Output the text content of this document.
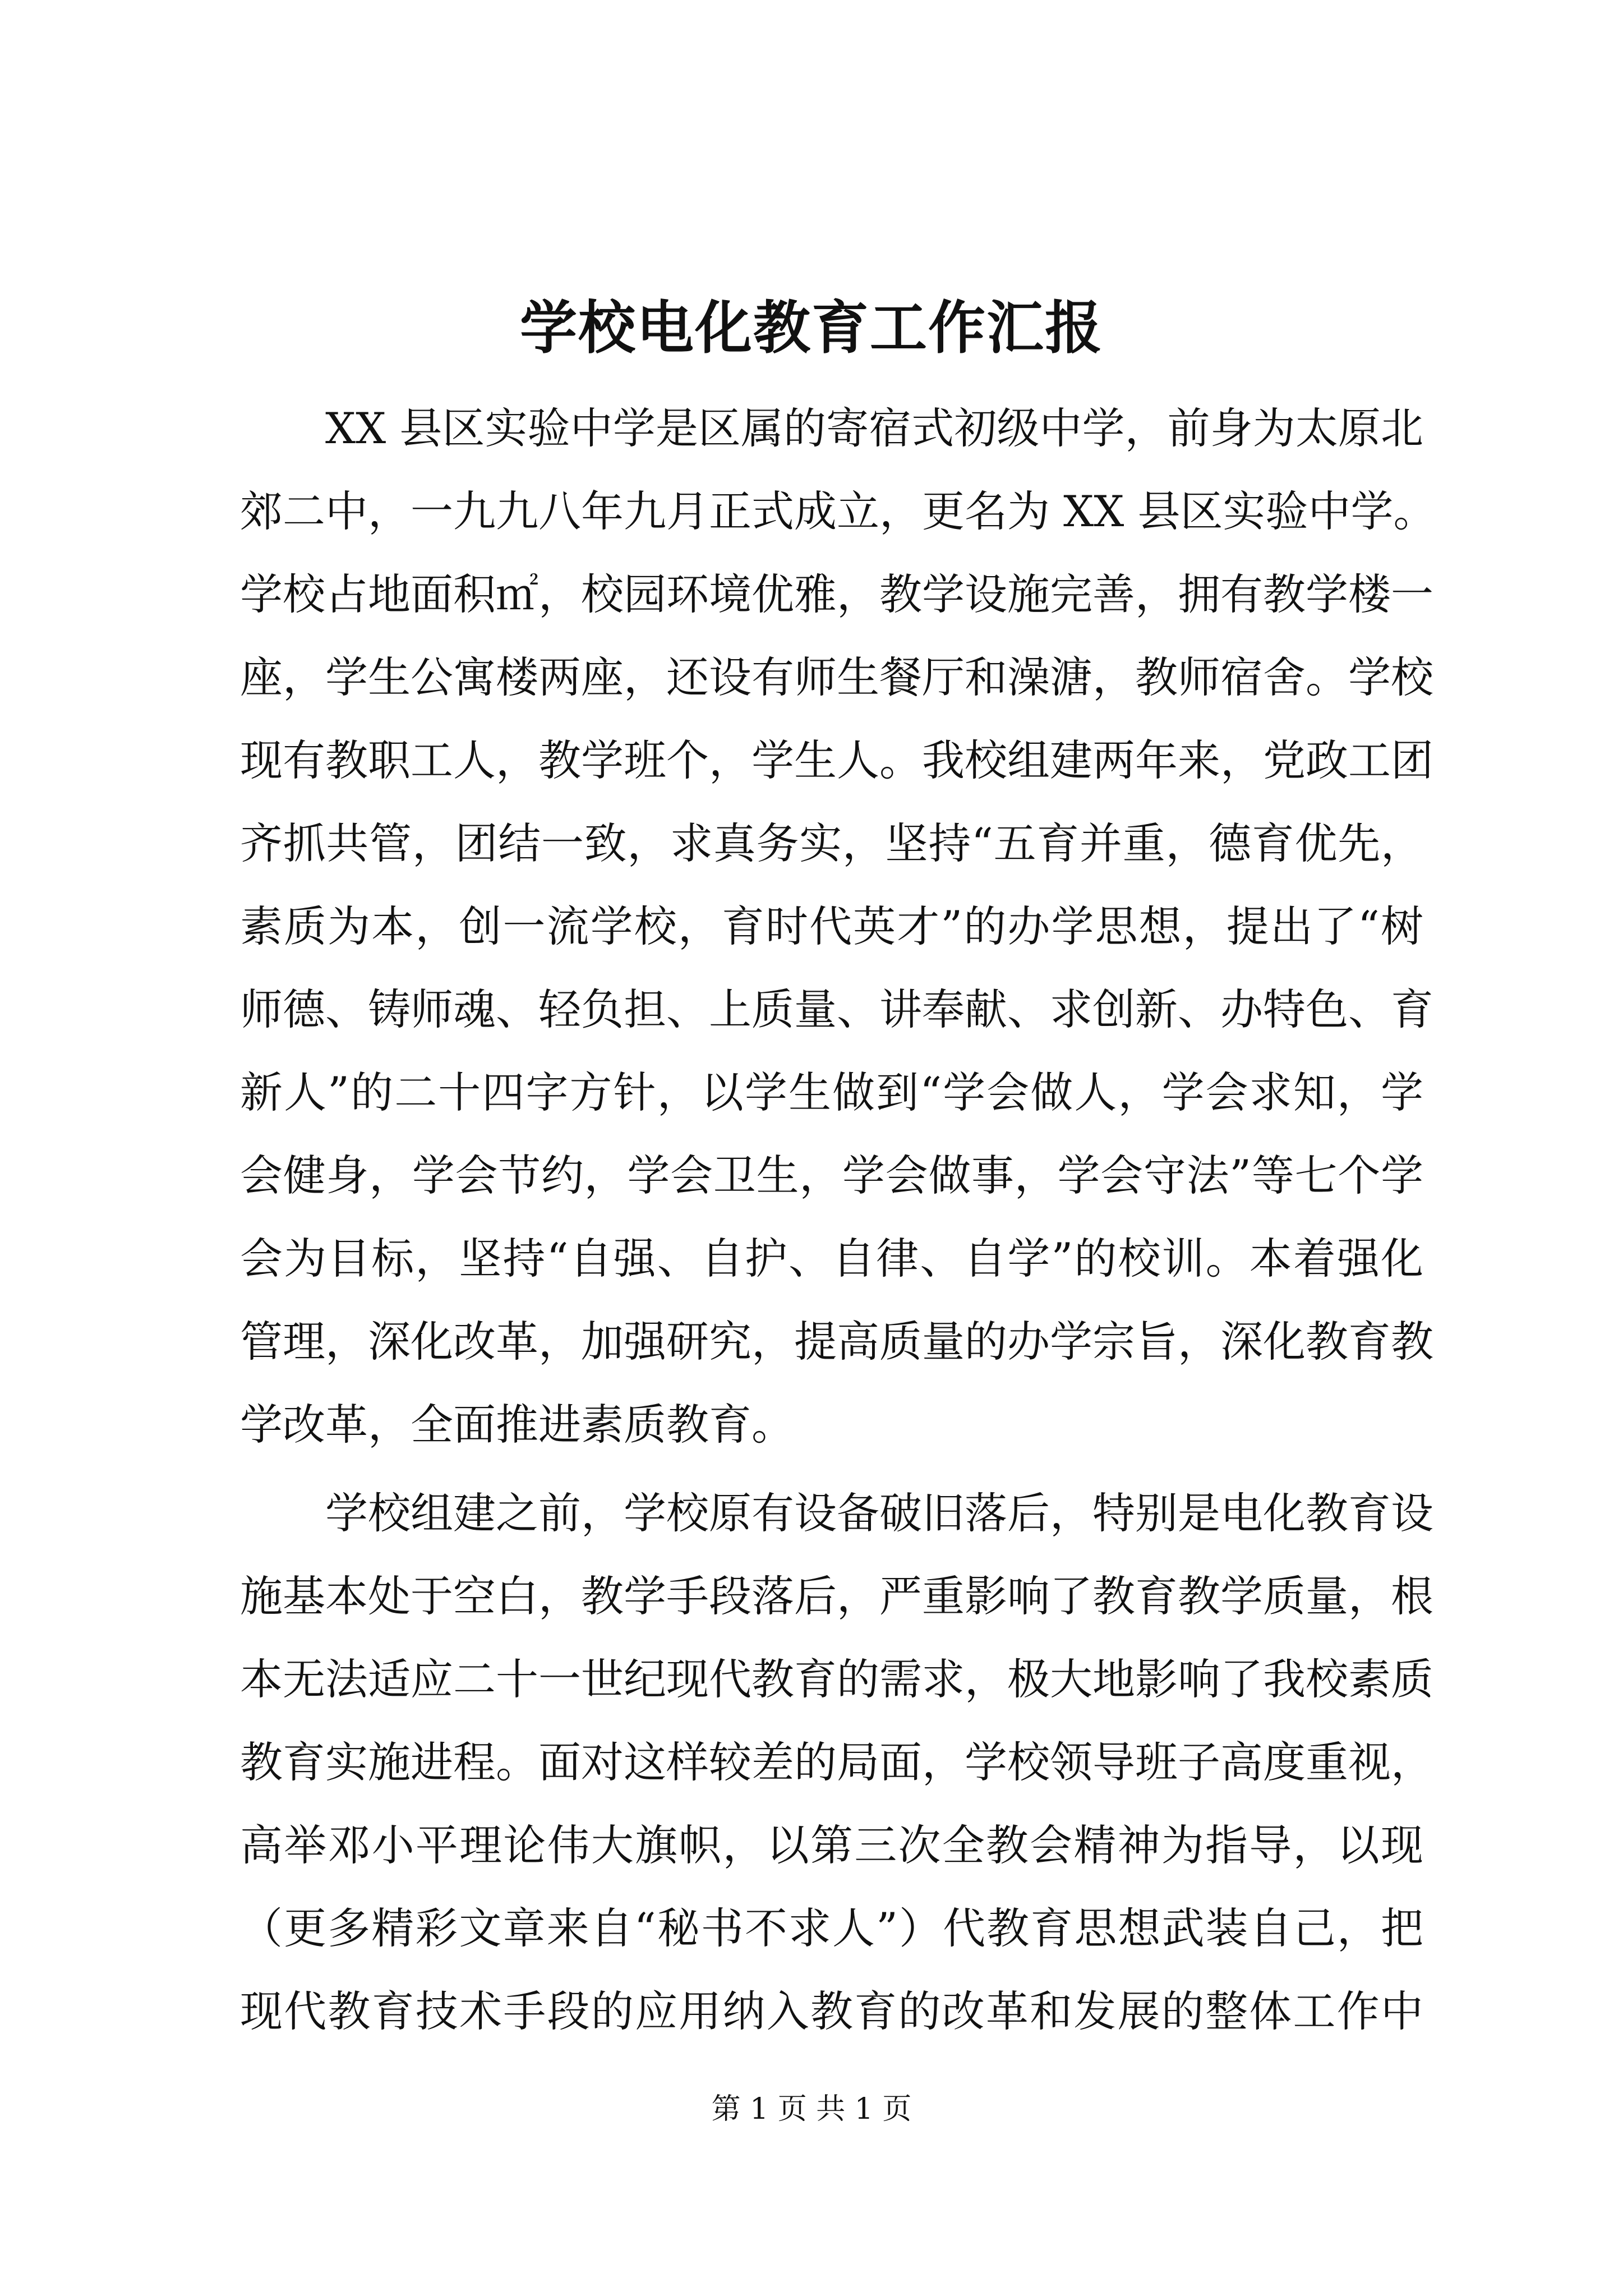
学校电化教育工作汇报
XX 县区实验中学是区属的寄宿式初级中学，前身为太原北
郊二中，一九九八年九月正式成立，更名为 XX 县区实验中学。
学校占地面积㎡，校园环境优雅，教学设施完善，拥有教学楼一
座，学生公寓楼两座，还设有师生餐厅和澡溏，教师宿舍。学校
现有教职工人，教学班个，学生人。我校组建两年来，党政工团
齐抓共管，团结一致，求真务实，坚持“五育并重，德育优先，
素质为本，创一流学校，育时代英才”的办学思想，提出了“树
师德、铸师魂、轻负担、上质量、讲奉献、求创新、办特色、育
新人”的二十四字方针，以学生做到“学会做人，学会求知，学
会健身，学会节约，学会卫生，学会做事，学会守法”等七个学
会为目标，坚持“自强、自护、自律、自学”的校训。本着强化
管理，深化改革，加强研究，提高质量的办学宗旨，深化教育教
学改革，全面推进素质教育。
学校组建之前，学校原有设备破旧落后，特别是电化教育设
施基本处于空白，教学手段落后，严重影响了教育教学质量，根
本无法适应二十一世纪现代教育的需求，极大地影响了我校素质
教育实施进程。面对这样较差的局面，学校领导班子高度重视，
高举邓小平理论伟大旗帜，以第三次全教会精神为指导，以现
（更多精彩文章来自“秘书不求人”）代教育思想武装自己，把
现代教育技术手段的应用纳入教育的改革和发展的整体工作中
第 1 页 共 1 页
